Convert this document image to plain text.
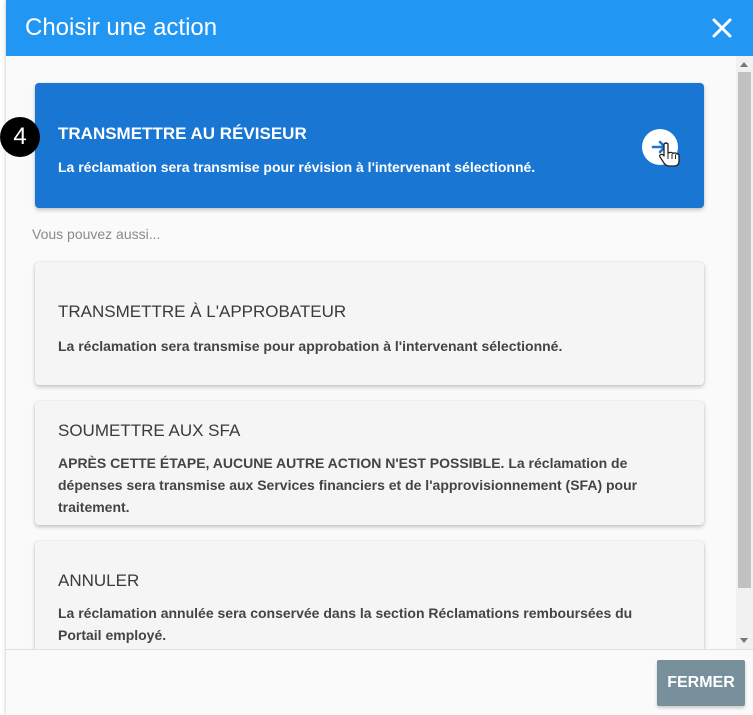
Choisir une action
TRANSMETTRE AU RÉVISEUR
La réclamation sera transmise pour révision à l'intervenant sélectionné.
Vous pouvez aussi...
TRANSMETTRE À L'APPROBATEUR
La réclamation sera transmise pour approbation à l'intervenant sélectionné.
SOUMETTRE AUX SFA
APRÈS CETTE ÉTAPE, AUCUNE AUTRE ACTION N'EST POSSIBLE. La réclamation de dépenses sera transmise aux Services financiers et de l'approvisionnement (SFA) pour traitement.
ANNULER
La réclamation annulée sera conservée dans la section Réclamations remboursées du Portail employé.
FERMER
4
